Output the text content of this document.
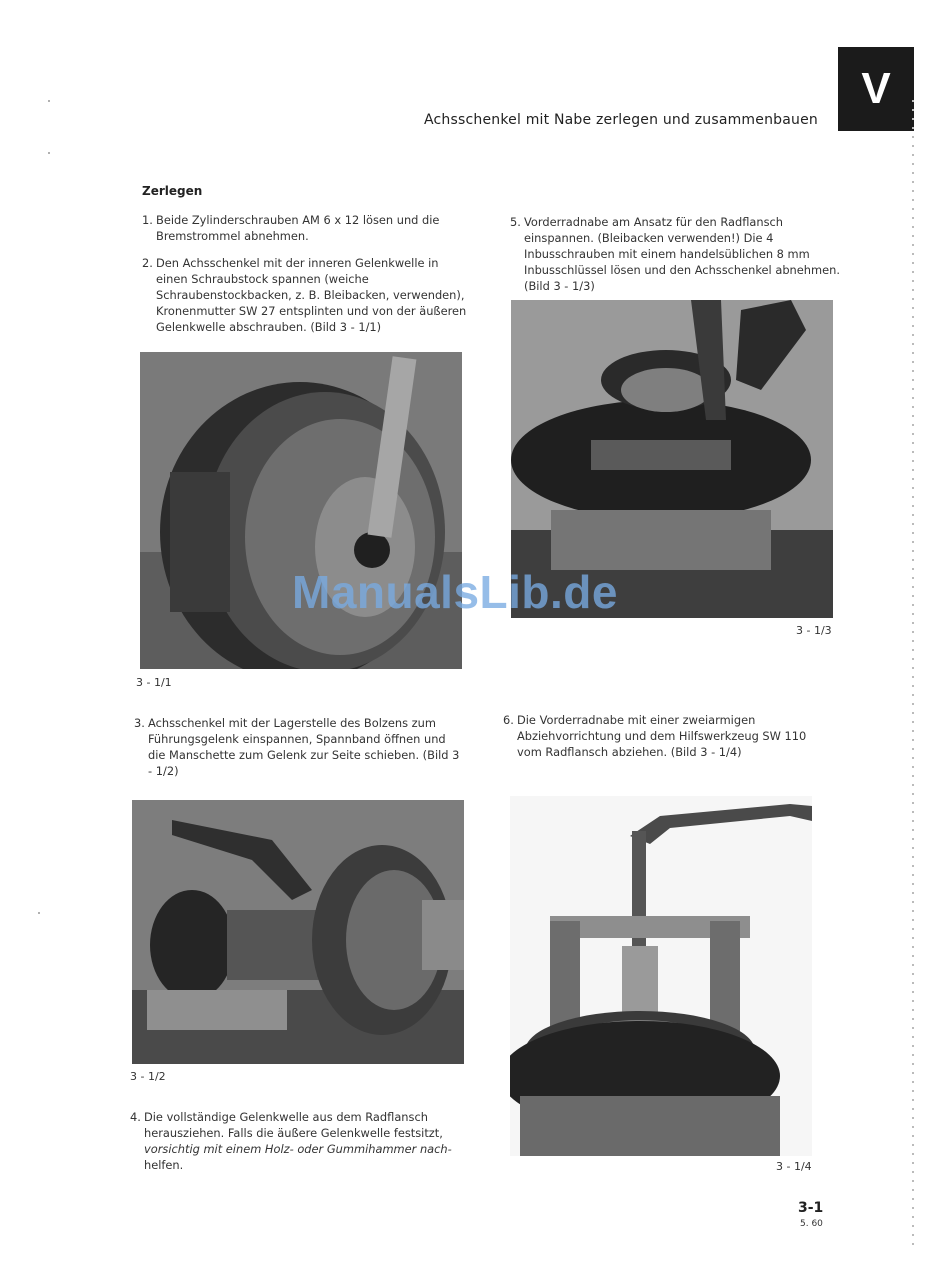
V
Achsschenkel mit Nabe zerlegen und zusammenbauen
Zerlegen
1. Beide Zylinderschrauben AM 6 x 12 lösen und die Bremstrommel abnehmen.
2. Den Achsschenkel mit der inneren Gelenkwelle in einen Schraubstock spannen (weiche Schraubenstockbacken, z. B. Bleibacken, verwenden), Kronenmutter SW 27 entsplinten und von der äußeren Gelenkwelle abschrauben. (Bild 3 - 1/1)
3 - 1/1
3. Achsschenkel mit der Lagerstelle des Bolzens zum Führungsgelenk einspannen, Spannband öffnen und die Manschette zum Gelenk zur Seite schieben. (Bild 3 - 1/2)
3 - 1/2
4. Die vollständige Gelenkwelle aus dem Radflansch herausziehen. Falls die äußere Gelenkwelle festsitzt, vorsichtig mit einem Holz- oder Gummihammer nach- helfen.
5. Vorderradnabe am Ansatz für den Radflansch einspannen. (Bleibacken verwenden!) Die 4 Inbusschrauben mit einem handelsüblichen 8 mm Inbusschlüssel lösen und den Achsschenkel abnehmen. (Bild 3 - 1/3)
3 - 1/3
6. Die Vorderradnabe mit einer zweiarmigen Abziehvorrichtung und dem Hilfswerkzeug SW 110 vom Radflansch abziehen. (Bild 3 - 1/4)
3 - 1/4
ManualsLib.de
3-1
5. 60
